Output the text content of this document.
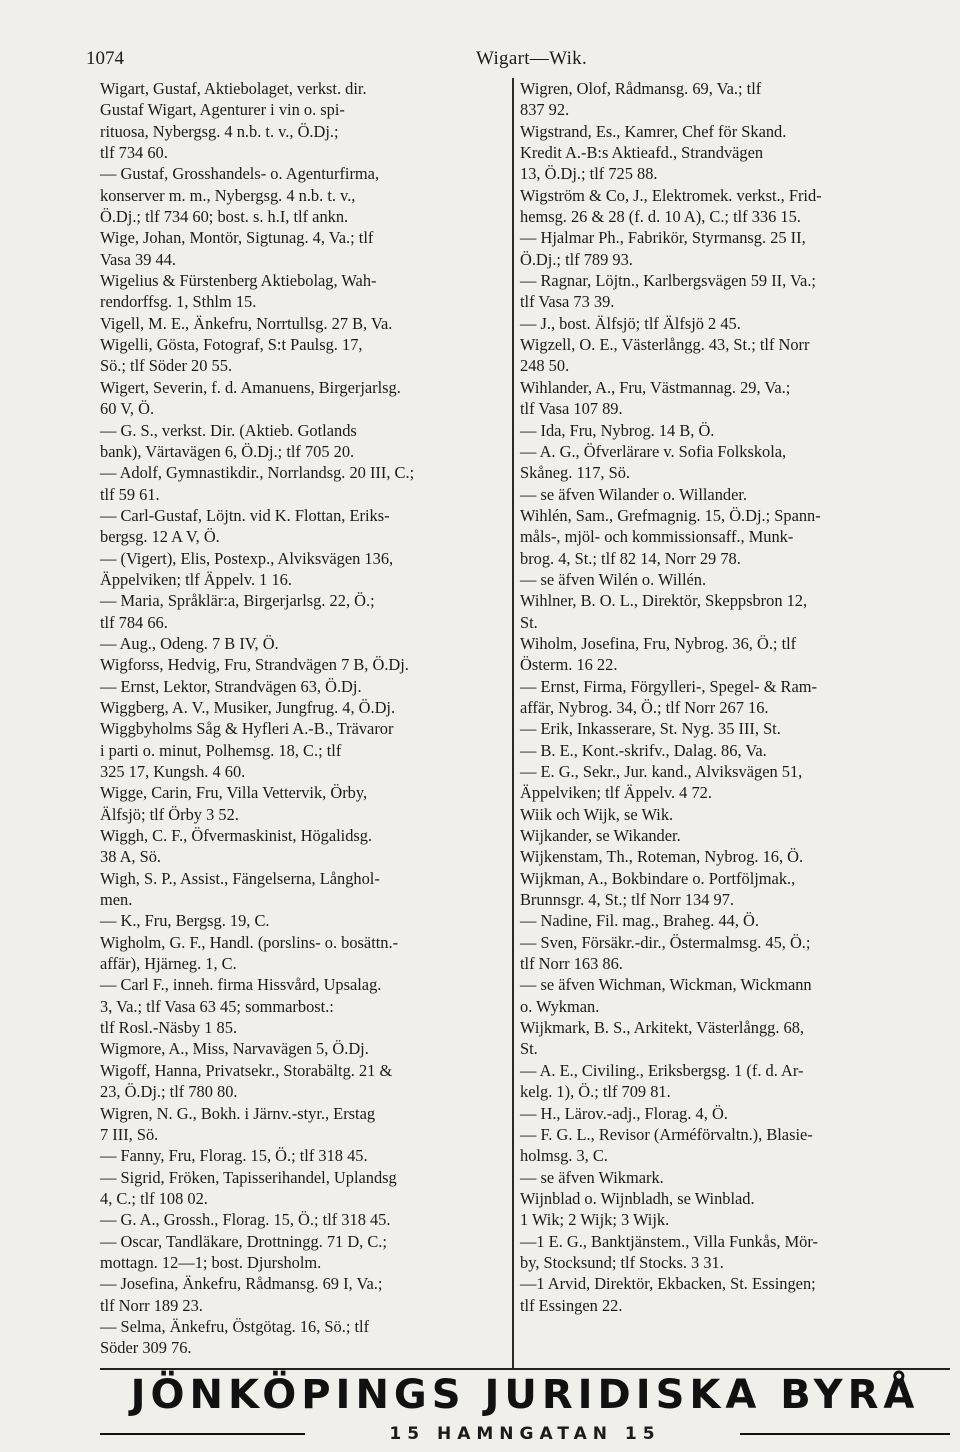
1074	Wigart—Wik.
Wigart, Gustaf, Aktiebolaget, verkst. dir.
Gustaf Wigart, Agenturer i vin o. spi-
rituosa, Nybergsg. 4 n.b. t. v., Ö.Dj.;
tlf 734 60.
— Gustaf, Grosshandels- o. Agenturfirma,
konserver m. m., Nybergsg. 4 n.b. t. v.,
Ö.Dj.; tlf 734 60; bost. s. h.I, tlf ankn.
Wige, Johan, Montör, Sigtunag. 4, Va.; tlf
Vasa 39 44.
Wigelius & Fürstenberg Aktiebolag, Wah-
rendorffsg. 1, Sthlm 15.
Vigell, M. E., Änkefru, Norrtullsg. 27 B, Va.
Wigelli, Gösta, Fotograf, S:t Paulsg. 17,
Sö.; tlf Söder 20 55.
Wigert, Severin, f. d. Amanuens, Birgerjarlsg.
60 V, Ö.
— G. S., verkst. Dir. (Aktieb. Gotlands
bank), Värtavägen 6, Ö.Dj.; tlf 705 20.
— Adolf, Gymnastikdir., Norrlandsg. 20 III, C.;
tlf 59 61.
— Carl-Gustaf, Löjtn. vid K. Flottan, Eriks-
bergsg. 12 A V, Ö.
— (Vigert), Elis, Postexp., Alviksvägen 136,
Äppelviken; tlf Äppelv. 1 16.
— Maria, Språklär:a, Birgerjarlsg. 22, Ö.;
tlf 784 66.
— Aug., Odeng. 7 B IV, Ö.
Wigforss, Hedvig, Fru, Strandvägen 7 B, Ö.Dj.
— Ernst, Lektor, Strandvägen 63, Ö.Dj.
Wiggberg, A. V., Musiker, Jungfrug. 4, Ö.Dj.
Wiggbyholms Såg & Hyfleri A.-B., Trävaror
i parti o. minut, Polhemsg. 18, C.; tlf
325 17, Kungsh. 4 60.
Wigge, Carin, Fru, Villa Vettervik, Örby,
Älfsjö; tlf Örby 3 52.
Wiggh, C. F., Öfvermaskinist, Högalidsg.
38 A, Sö.
Wigh, S. P., Assist., Fängelserna, Långhol-
men.
— K., Fru, Bergsg. 19, C.
Wigholm, G. F., Handl. (porslins- o. bosättn.-
affär), Hjärneg. 1, C.
— Carl F., inneh. firma Hissvård, Upsalag.
3, Va.; tlf Vasa 63 45; sommarbost.:
tlf Rosl.-Näsby 1 85.
Wigmore, A., Miss, Narvavägen 5, Ö.Dj.
Wigoff, Hanna, Privatsekr., Storabältg. 21 &
23, Ö.Dj.; tlf 780 80.
Wigren, N. G., Bokh. i Järnv.-styr., Erstag
7 III, Sö.
— Fanny, Fru, Florag. 15, Ö.; tlf 318 45.
— Sigrid, Fröken, Tapisserihandel, Uplandsg
4, C.; tlf 108 02.
— G. A., Grossh., Florag. 15, Ö.; tlf 318 45.
— Oscar, Tandläkare, Drottningg. 71 D, C.;
mottagn. 12—1; bost. Djursholm.
— Josefina, Änkefru, Rådmansg. 69 I, Va.;
tlf Norr 189 23.
— Selma, Änkefru, Östgötag. 16, Sö.; tlf
Söder 309 76.
Wigren, Olof, Rådmansg. 69, Va.; tlf
837 92.
Wigstrand, Es., Kamrer, Chef för Skand.
Kredit A.-B:s Aktieafd., Strandvägen
13, Ö.Dj.; tlf 725 88.
Wigström & Co, J., Elektromek. verkst., Frid-
hemsg. 26 & 28 (f. d. 10 A), C.; tlf 336 15.
— Hjalmar Ph., Fabrikör, Styrmansg. 25 II,
Ö.Dj.; tlf 789 93.
— Ragnar, Löjtn., Karlbergsvägen 59 II, Va.;
tlf Vasa 73 39.
— J., bost. Älfsjö; tlf Älfsjö 2 45.
Wigzell, O. E., Västerlångg. 43, St.; tlf Norr
248 50.
Wihlander, A., Fru, Västmannag. 29, Va.;
tlf Vasa 107 89.
— Ida, Fru, Nybrog. 14 B, Ö.
— A. G., Öfverlärare v. Sofia Folkskola,
Skåneg. 117, Sö.
— se äfven Wilander o. Willander.
Wihlén, Sam., Grefmagnig. 15, Ö.Dj.; Spann-
måls-, mjöl- och kommissionsaff., Munk-
brog. 4, St.; tlf 82 14, Norr 29 78.
— se äfven Wilén o. Willén.
Wihlner, B. O. L., Direktör, Skeppsbron 12,
St.
Wiholm, Josefina, Fru, Nybrog. 36, Ö.; tlf
Österm. 16 22.
— Ernst, Firma, Förgylleri-, Spegel- & Ram-
affär, Nybrog. 34, Ö.; tlf Norr 267 16.
— Erik, Inkasserare, St. Nyg. 35 III, St.
— B. E., Kont.-skrifv., Dalag. 86, Va.
— E. G., Sekr., Jur. kand., Alviksvägen 51,
Äppelviken; tlf Äppelv. 4 72.
Wiik och Wijk, se Wik.
Wijkander, se Wikander.
Wijkenstam, Th., Roteman, Nybrog. 16, Ö.
Wijkman, A., Bokbindare o. Portföljmak.,
Brunnsgr. 4, St.; tlf Norr 134 97.
— Nadine, Fil. mag., Braheg. 44, Ö.
— Sven, Försäkr.-dir., Östermalmsg. 45, Ö.;
tlf Norr 163 86.
— se äfven Wichman, Wickman, Wickmann
o. Wykman.
Wijkmark, B. S., Arkitekt, Västerlångg. 68,
St.
— A. E., Civiling., Eriksbergsg. 1 (f. d. Ar-
kelg. 1), Ö.; tlf 709 81.
— H., Lärov.-adj., Florag. 4, Ö.
— F. G. L., Revisor (Arméförvaltn.), Blasie-
holmsg. 3, C.
— se äfven Wikmark.
Wijnblad o. Wijnbladh, se Winblad.
1 Wik; 2 Wijk; 3 Wijk.
—1 E. G., Banktjänstem., Villa Funkås, Mör-
by, Stocksund; tlf Stocks. 3 31.
—1 Arvid, Direktör, Ekbacken, St. Essingen;
tlf Essingen 22.
JÖNKÖPINGS JURIDISKA BYRÅ
15 HAMNGATAN 15
